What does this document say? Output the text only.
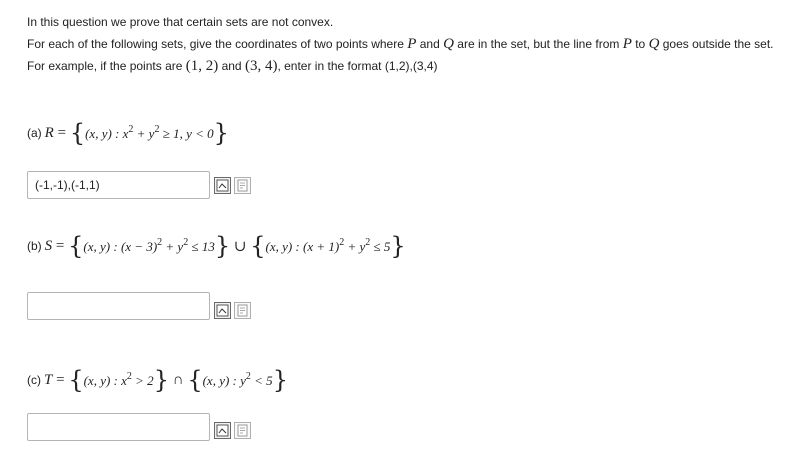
In this question we prove that certain sets are not convex.
For each of the following sets, give the coordinates of two points where P and Q are in the set, but the line from P to Q goes outside the set.
For example, if the points are (1, 2) and (3, 4), enter in the format (1,2),(3,4)
(a) R = { (x, y) : $x^2 + y^2 \ge 1$, y < 0 }
(-1,-1),(-1,1)
(b) S = { (x, y) : $(x - 3)^2 + y^2 \le 13$ } ∪ { (x, y) : $(x + 1)^2 + y^2 \le 5$ }
(c) T = { (x, y) : $x^2 > 2$ } ∩ { (x, y) : $y^2 < 5$ }
